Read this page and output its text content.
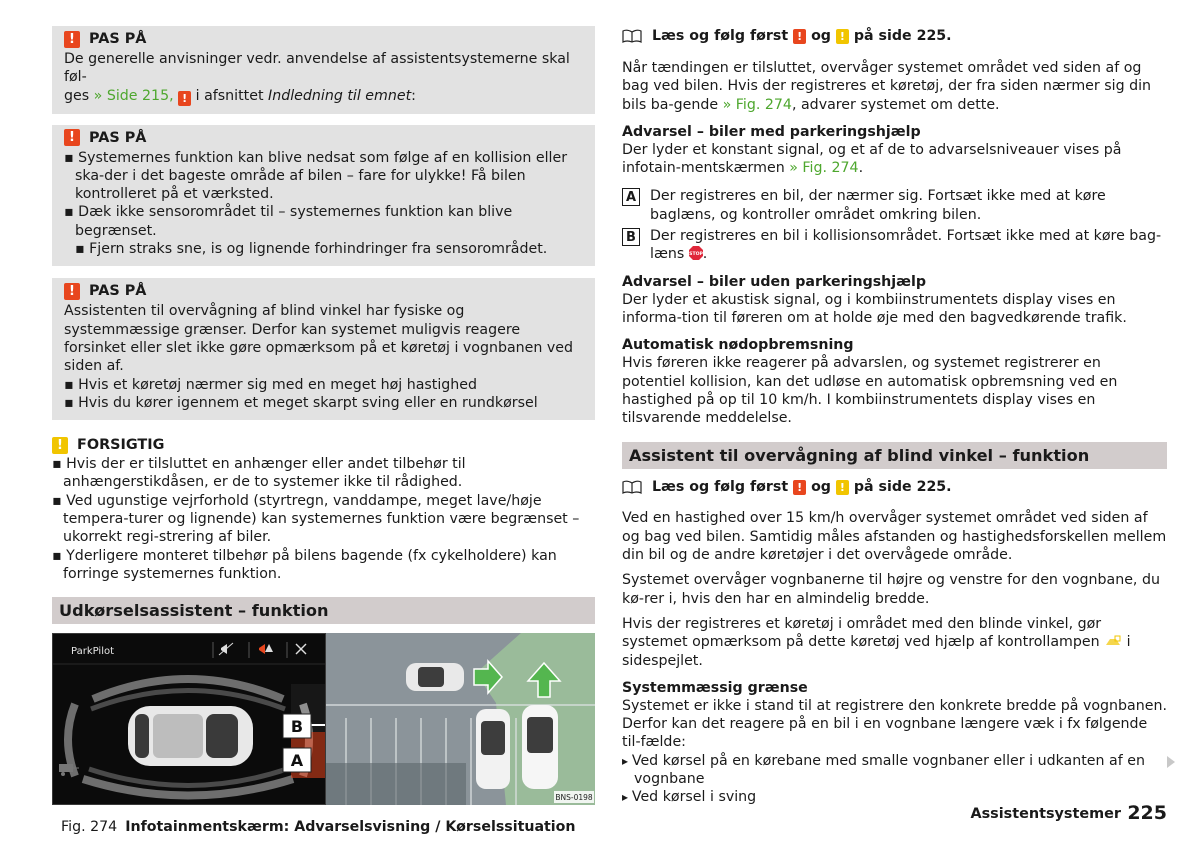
! PAS PÅ

De generelle anvisninger vedr. anvendelse af assistentsystemerne skal føl-
ges » Side 215, ! i afsnittet Indledning til emnet:

! PAS PÅ

▪ Systemernes funktion kan blive nedsat som følge af en kollision eller ska-der i det bageste område af bilen – fare for ulykke! Få bilen kontrolleret på et værksted.

▪ Dæk ikke sensorområdet til – systemernes funktion kan blive begrænset.

▪ Fjern straks sne, is og lignende forhindringer fra sensorområdet.

! PAS PÅ

Assistenten til overvågning af blind vinkel har fysiske og systemmæssige grænser. Derfor kan systemet muligvis reagere forsinket eller slet ikke gøre opmærksom på et køretøj i vognbanen ved siden af.

▪ Hvis et køretøj nærmer sig med en meget høj hastighed

▪ Hvis du kører igennem et meget skarpt sving eller en rundkørsel

! FORSIGTIG

▪ Hvis der er tilsluttet en anhænger eller andet tilbehør til anhængerstikdåsen, er de to systemer ikke til rådighed.

▪ Ved ugunstige vejrforhold (styrtregn, vanddampe, meget lave/høje tempera-turer og lignende) kan systemernes funktion være begrænset – ukorrekt regi-strering af biler.

▪ Yderligere monteret tilbehør på bilens bagende (fx cykelholdere) kan forringe systemernes funktion.

Udkørselsassistent – funktion
ParkPilot
B
A
BNS-0198
Fig. 274 Infotainmentskærm: Advarselsvisning / Kørselssituation
Læs og følg først
!
og
!
på side 225.

Når tændingen er tilsluttet, overvåger systemet området ved siden af og bag ved bilen. Hvis der registreres et køretøj, der fra siden nærmer sig din bils ba-gende » Fig. 274, advarer systemet om dette.

Advarsel – biler med parkeringshjælp

Der lyder et konstant signal, og et af de to advarselsniveauer vises på infotain-mentskærmen » Fig. 274.

A Der registreres en bil, der nærmer sig. Fortsæt ikke med at køre baglæns, og kontroller området omkring bilen.

B Der registreres en bil i kollisionsområdet. Fortsæt ikke med at køre bag-læns STOP .

Advarsel – biler uden parkeringshjælp

Der lyder et akustisk signal, og i kombiinstrumentets display vises en informa-tion til føreren om at holde øje med den bagvedkørende trafik.

Automatisk nødopbremsning

Hvis føreren ikke reagerer på advarslen, og systemet registrerer en potentiel kollision, kan det udløse en automatisk opbremsning ved en hastighed på op til 10 km/h. I kombiinstrumentets display vises en tilsvarende meddelelse.

Assistent til overvågning af blind vinkel – funktion
Læs og følg først
!
og
!
på side 225.

Ved en hastighed over 15 km/h overvåger systemet området ved siden af og bag ved bilen. Samtidig måles afstanden og hastighedsforskellen mellem din bil og de andre køretøjer i det overvågede område.

Systemet overvåger vognbanerne til højre og venstre for den vognbane, du kø-rer i, hvis den har en almindelig bredde.

Hvis der registreres et køretøj i området med den blinde vinkel, gør systemet opmærksom på dette køretøj ved hjælp af kontrollampen  i sidespejlet.

Systemmæssig grænse

Systemet er ikke i stand til at registrere den konkrete bredde på vognbanen. Derfor kan det reagere på en bil i en vognbane længere væk i fx følgende til-fælde:

▸ Ved kørsel på en kørebane med smalle vognbaner eller i udkanten af en vognbane

▸ Ved kørsel i sving

Assistentsystemer 225
